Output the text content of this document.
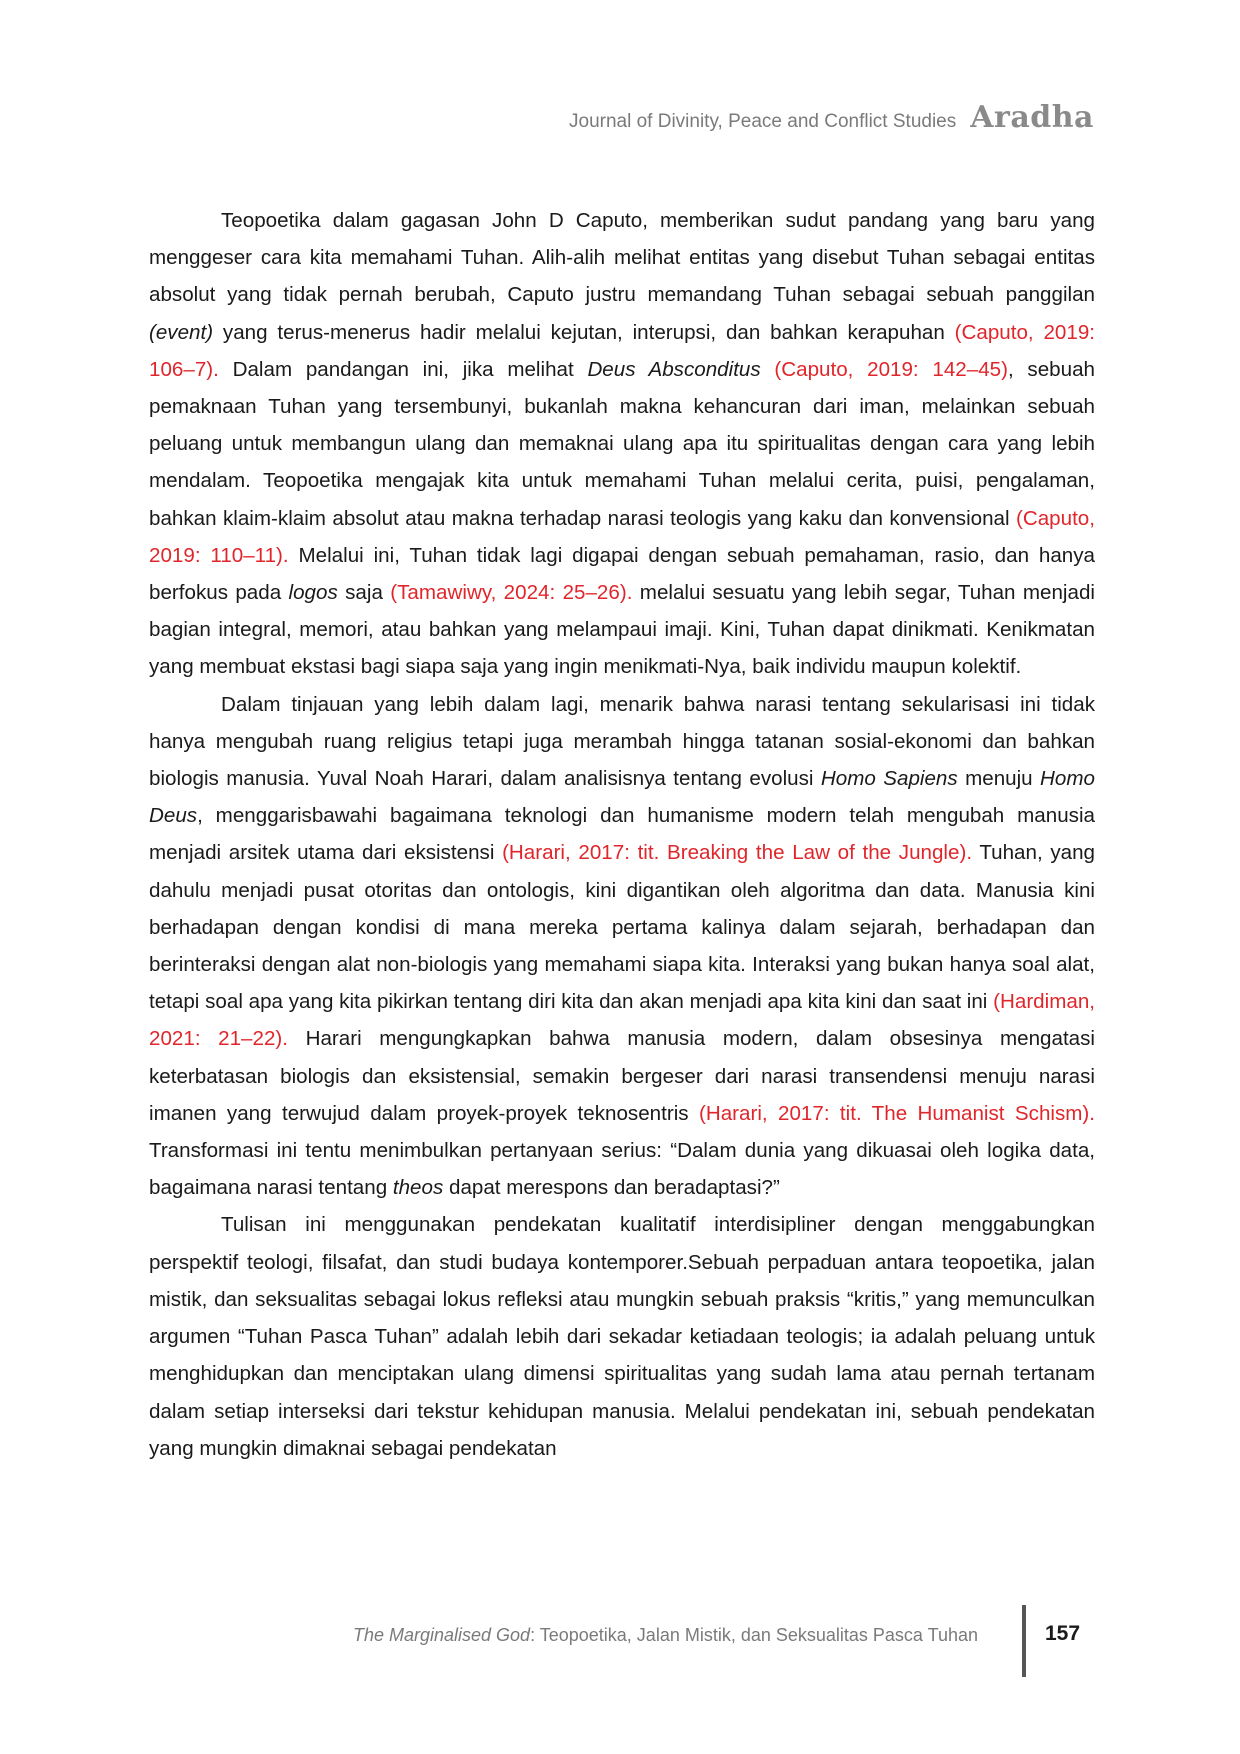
Journal of Divinity, Peace and Conflict Studies Aradha

Teopoetika dalam gagasan John D Caputo, memberikan sudut pandang yang baru yang menggeser cara kita memahami Tuhan. Alih-alih melihat entitas yang disebut Tuhan sebagai entitas absolut yang tidak pernah berubah, Caputo justru memandang Tuhan sebagai sebuah panggilan (event) yang terus-menerus hadir melalui kejutan, interupsi, dan bahkan kerapuhan (Caputo, 2019: 106–7). Dalam pandangan ini, jika melihat Deus Absconditus (Caputo, 2019: 142–45), sebuah pemaknaan Tuhan yang tersembunyi, bukanlah makna kehancuran dari iman, melainkan sebuah peluang untuk membangun ulang dan memaknai ulang apa itu spiritualitas dengan cara yang lebih mendalam. Teopoetika mengajak kita untuk memahami Tuhan melalui cerita, puisi, pengalaman, bahkan klaim-klaim absolut atau makna terhadap narasi teologis yang kaku dan konvensional (Caputo, 2019: 110–11). Melalui ini, Tuhan tidak lagi digapai dengan sebuah pemahaman, rasio, dan hanya berfokus pada logos saja (Tamawiwy, 2024: 25–26). melalui sesuatu yang lebih segar, Tuhan menjadi bagian integral, memori, atau bahkan yang melampaui imaji. Kini, Tuhan dapat dinikmati. Kenikmatan yang membuat ekstasi bagi siapa saja yang ingin menikmati-Nya, baik individu maupun kolektif.

Dalam tinjauan yang lebih dalam lagi, menarik bahwa narasi tentang sekularisasi ini tidak hanya mengubah ruang religius tetapi juga merambah hingga tatanan sosial-ekonomi dan bahkan biologis manusia. Yuval Noah Harari, dalam analisisnya tentang evolusi Homo Sapiens menuju Homo Deus, menggarisbawahi bagaimana teknologi dan humanisme modern telah mengubah manusia menjadi arsitek utama dari eksistensi (Harari, 2017: tit. Breaking the Law of the Jungle). Tuhan, yang dahulu menjadi pusat otoritas dan ontologis, kini digantikan oleh algoritma dan data. Manusia kini berhadapan dengan kondisi di mana mereka pertama kalinya dalam sejarah, berhadapan dan berinteraksi dengan alat non-biologis yang memahami siapa kita. Interaksi yang bukan hanya soal alat, tetapi soal apa yang kita pikirkan tentang diri kita dan akan menjadi apa kita kini dan saat ini (Hardiman, 2021: 21–22). Harari mengungkapkan bahwa manusia modern, dalam obsesinya mengatasi keterbatasan biologis dan eksistensial, semakin bergeser dari narasi transendensi menuju narasi imanen yang terwujud dalam proyek-proyek teknosentris (Harari, 2017: tit. The Humanist Schism). Transformasi ini tentu menimbulkan pertanyaan serius: “Dalam dunia yang dikuasai oleh logika data, bagaimana narasi tentang theos dapat merespons dan beradaptasi?”

Tulisan ini menggunakan pendekatan kualitatif interdisipliner dengan menggabungkan perspektif teologi, filsafat, dan studi budaya kontemporer.Sebuah perpaduan antara teopoetika, jalan mistik, dan seksualitas sebagai lokus refleksi atau mungkin sebuah praksis “kritis,” yang memunculkan argumen “Tuhan Pasca Tuhan” adalah lebih dari sekadar ketiadaan teologis; ia adalah peluang untuk menghidupkan dan menciptakan ulang dimensi spiritualitas yang sudah lama atau pernah tertanam dalam setiap interseksi dari tekstur kehidupan manusia. Melalui pendekatan ini, sebuah pendekatan yang mungkin dimaknai sebagai pendekatan

The Marginalised God: Teopoetika, Jalan Mistik, dan Seksualitas Pasca Tuhan	157
